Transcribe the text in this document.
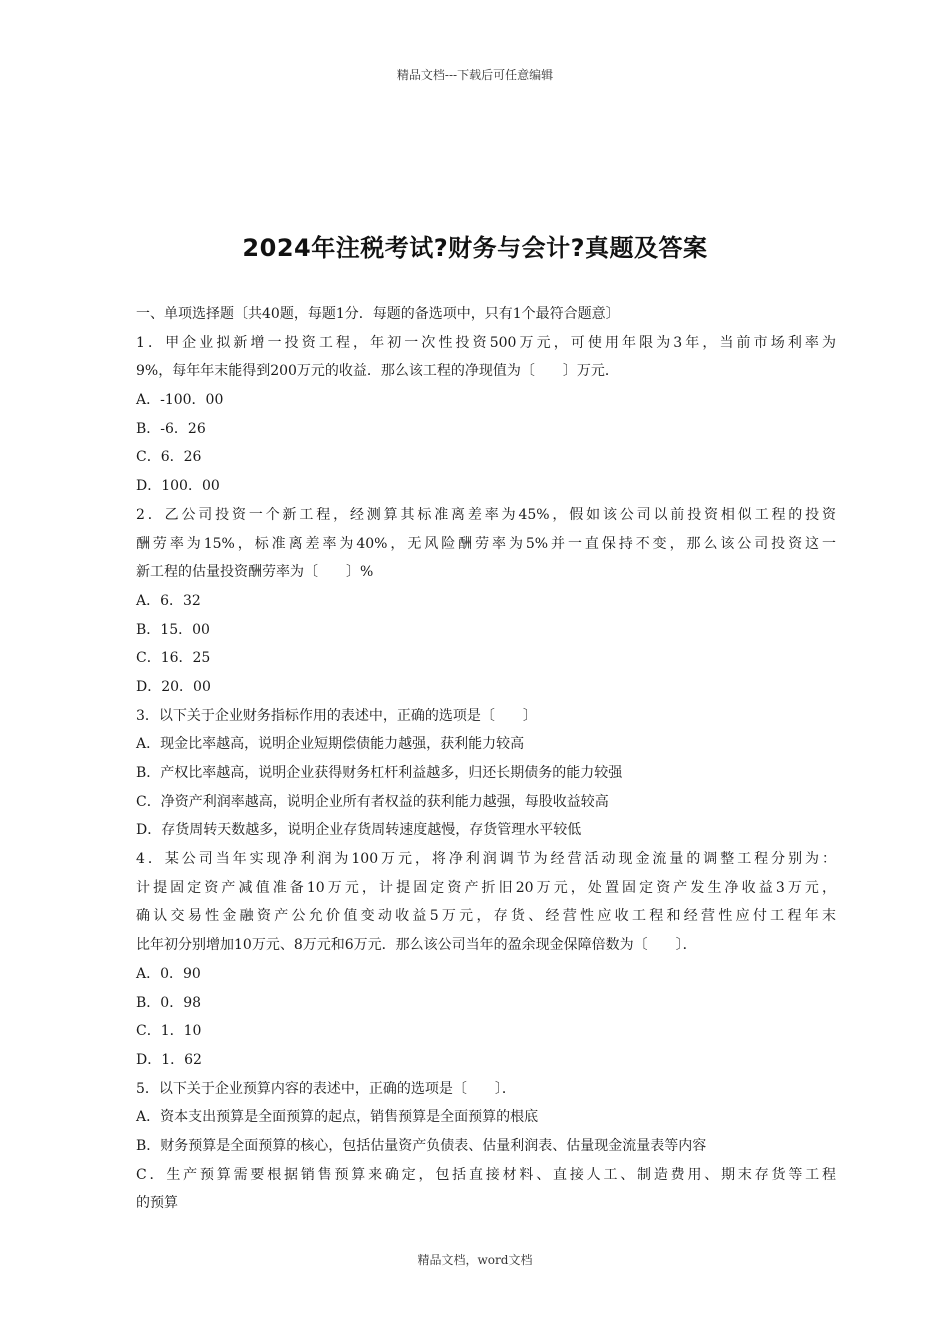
精品文档---下载后可任意编辑
2024年注税考试?财务与会计?真题及答案
一、单项选择题〔共40题，每题1分．每题的备选项中，只有1个最符合题意〕
1．甲企业拟新增一投资工程，年初一次性投资500万元，可使用年限为3年，当前市场利率为
9%，每年年末能得到200万元的收益．那么该工程的净现值为〔　　〕万元．
A．-100．00
B．-6．26
C．6．26
D．100．00
2．乙公司投资一个新工程，经测算其标准离差率为45%，假如该公司以前投资相似工程的投资
酬劳率为15%，标准离差率为40%，无风险酬劳率为5%并一直保持不变，那么该公司投资这一
新工程的估量投资酬劳率为〔　　〕%
A．6．32
B．15．00
C．16．25
D．20．00
3．以下关于企业财务指标作用的表述中，正确的选项是〔　　〕
A．现金比率越高，说明企业短期偿债能力越强，获利能力较高
B．产权比率越高，说明企业获得财务杠杆利益越多，归还长期债务的能力较强
C．净资产利润率越高，说明企业所有者权益的获利能力越强，每股收益较高
D．存货周转天数越多，说明企业存货周转速度越慢，存货管理水平较低
4．某公司当年实现净利润为100万元，将净利润调节为经营活动现金流量的调整工程分别为：
计提固定资产减值准备10万元，计提固定资产折旧20万元，处置固定资产发生净收益3万元，
确认交易性金融资产公允价值变动收益5万元，存货、经营性应收工程和经营性应付工程年末
比年初分别增加10万元、8万元和6万元．那么该公司当年的盈余现金保障倍数为〔　　〕．
A．0．90
B．0．98
C．1．10
D．1．62
5．以下关于企业预算内容的表述中，正确的选项是〔　　〕．
A．资本支出预算是全面预算的起点，销售预算是全面预算的根底
B．财务预算是全面预算的核心，包括估量资产负债表、估量利润表、估量现金流量表等内容
C．生产预算需要根据销售预算来确定，包括直接材料、直接人工、制造费用、期末存货等工程
的预算
精品文档，word文档
